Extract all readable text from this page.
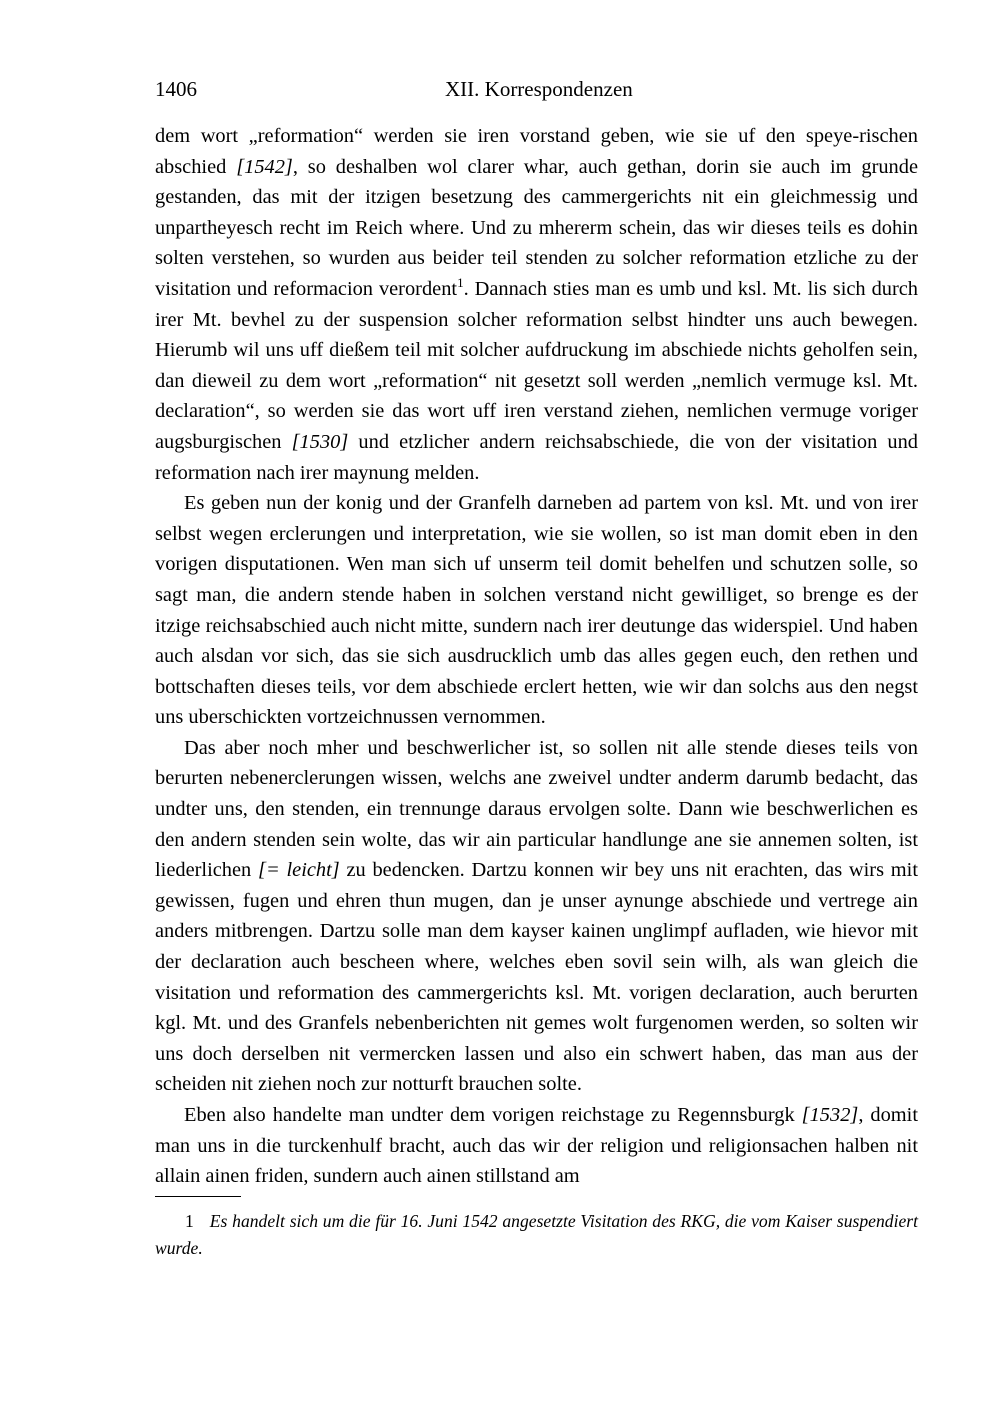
1406	XII. Korrespondenzen

dem wort „reformation“ werden sie iren vorstand geben, wie sie uf den speye-rischen abschied [1542], so deshalben wol clarer whar, auch gethan, dorin sie auch im grunde gestanden, das mit der itzigen besetzung des cammergerichts nit ein gleichmessig und unpartheyesch recht im Reich where. Und zu mhererm schein, das wir dieses teils es dohin solten verstehen, so wurden aus beider teil stenden zu solcher reformation etzliche zu der visitation und reformacion verordent$^1$. Dannach sties man es umb und ksl. Mt. lis sich durch irer Mt. bevhel zu der suspension solcher reformation selbst hindter uns auch bewegen. Hierumb wil uns uff dießem teil mit solcher aufdruckung im abschiede nichts geholfen sein, dan dieweil zu dem wort „reformation“ nit gesetzt soll werden „nemlich vermuge ksl. Mt. declaration“, so werden sie das wort uff iren verstand ziehen, nemlichen vermuge voriger augsburgischen [1530] und etzlicher andern reichsabschiede, die von der visitation und reformation nach irer maynung melden.

Es geben nun der konig und der Granfelh darneben ad partem von ksl. Mt. und von irer selbst wegen erclerungen und interpretation, wie sie wollen, so ist man domit eben in den vorigen disputationen. Wen man sich uf unserm teil domit behelfen und schutzen solle, so sagt man, die andern stende haben in solchen verstand nicht gewilliget, so brenge es der itzige reichsabschied auch nicht mitte, sundern nach irer deutunge das widerspiel. Und haben auch alsdan vor sich, das sie sich ausdrucklich umb das alles gegen euch, den rethen und bottschaften dieses teils, vor dem abschiede erclert hetten, wie wir dan solchs aus den negst uns uberschickten vortzeichnussen vernommen.

Das aber noch mher und beschwerlicher ist, so sollen nit alle stende dieses teils von berurten nebenerclerungen wissen, welchs ane zweivel undter anderm darumb bedacht, das undter uns, den stenden, ein trennunge daraus ervolgen solte. Dann wie beschwerlichen es den andern stenden sein wolte, das wir ain particular handlunge ane sie annemen solten, ist liederlichen [= leicht] zu bedencken. Dartzu konnen wir bey uns nit erachten, das wirs mit gewissen, fugen und ehren thun mugen, dan je unser aynunge abschiede und vertrege ain anders mitbrengen. Dartzu solle man dem kayser kainen unglimpf aufladen, wie hievor mit der declaration auch bescheen where, welches eben sovil sein wilh, als wan gleich die visitation und reformation des cammergerichts ksl. Mt. vorigen declaration, auch berurten kgl. Mt. und des Granfels nebenberichten nit gemes wolt furgenomen werden, so solten wir uns doch derselben nit vermercken lassen und also ein schwert haben, das man aus der scheiden nit ziehen noch zur notturft brauchen solte.

Eben also handelte man undter dem vorigen reichstage zu Regennsburgk [1532], domit man uns in die turckenhulf bracht, auch das wir der religion und religionsachen halben nit allain ainen friden, sundern auch ainen stillstand am

1 Es handelt sich um die für 16. Juni 1542 angesetzte Visitation des RKG, die vom Kaiser suspendiert wurde.
